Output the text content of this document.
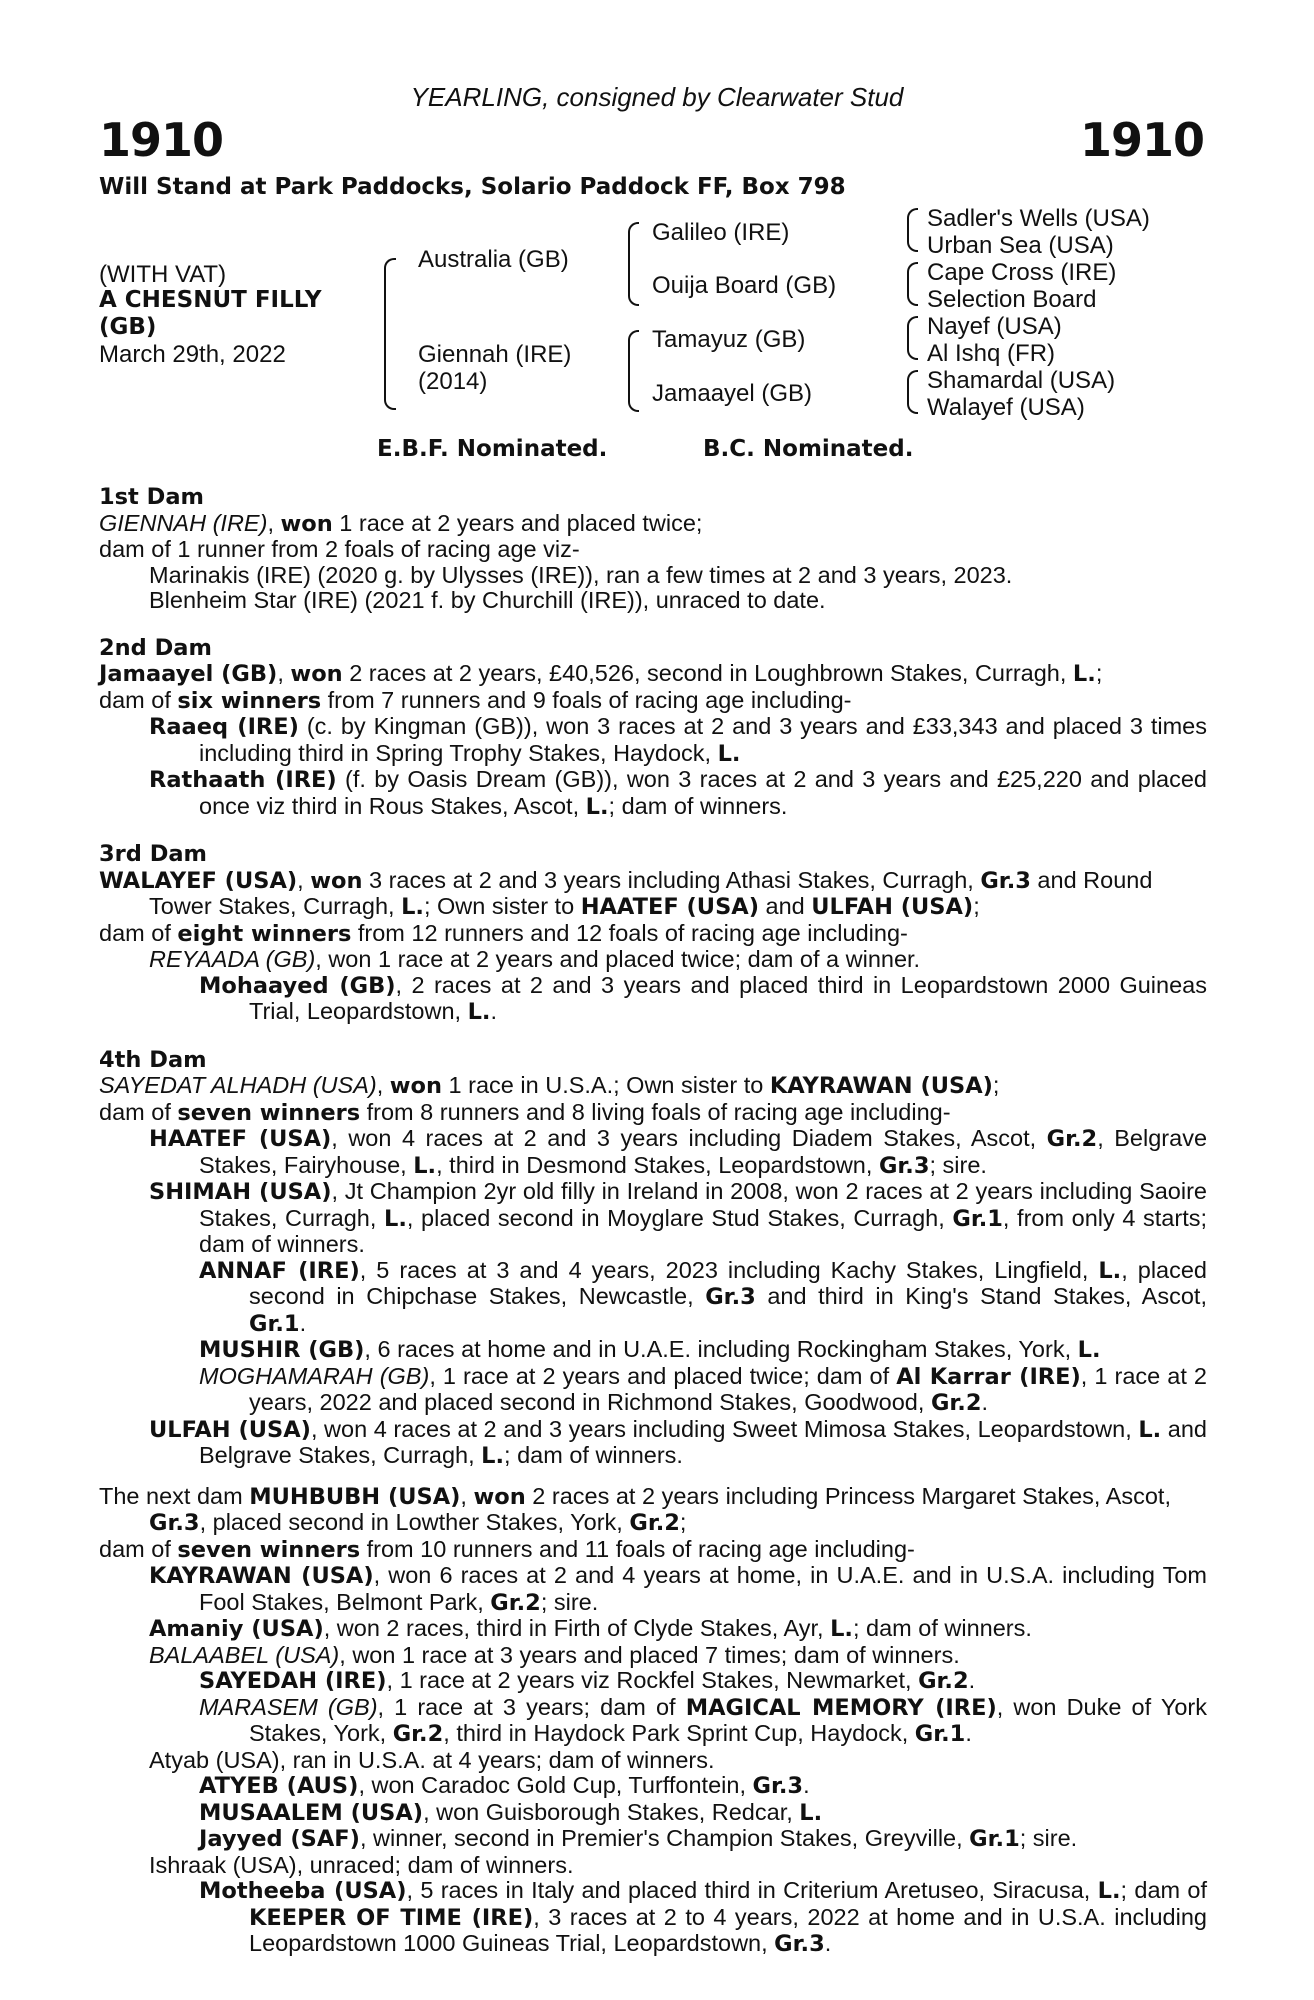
YEARLING, consigned by Clearwater Stud
1910	1910
Will Stand at Park Paddocks, Solario Paddock FF, Box 798
(WITH VAT)
A CHESNUT FILLY
(GB)
March 29th, 2022
Australia (GB)
Giennah (IRE)
(2014)
Galileo (IRE)
Ouija Board (GB)
Tamayuz (GB)
Jamaayel (GB)
Sadler's Wells (USA)
Urban Sea (USA)
Cape Cross (IRE)
Selection Board
Nayef (USA)
Al Ishq (FR)
Shamardal (USA)
Walayef (USA)
E.B.F. Nominated.	B.C. Nominated.

1st Dam

GIENNAH (IRE), won 1 race at 2 years and placed twice;

dam of 1 runner from 2 foals of racing age viz-

Marinakis (IRE) (2020 g. by Ulysses (IRE)), ran a few times at 2 and 3 years, 2023.

Blenheim Star (IRE) (2021 f. by Churchill (IRE)), unraced to date.

2nd Dam

Jamaayel (GB), won 2 races at 2 years, £40,526, second in Loughbrown Stakes, Curragh, L.;

dam of six winners from 7 runners and 9 foals of racing age including-

Raaeq (IRE) (c. by Kingman (GB)), won 3 races at 2 and 3 years and £33,343 and placed 3 times including third in Spring Trophy Stakes, Haydock, L.

Rathaath (IRE) (f. by Oasis Dream (GB)), won 3 races at 2 and 3 years and £25,220 and placed once viz third in Rous Stakes, Ascot, L.; dam of winners.

3rd Dam

WALAYEF (USA), won 3 races at 2 and 3 years including Athasi Stakes, Curragh, Gr.3 and Round Tower Stakes, Curragh, L.; Own sister to HAATEF (USA) and ULFAH (USA);

dam of eight winners from 12 runners and 12 foals of racing age including-

REYAADA (GB), won 1 race at 2 years and placed twice; dam of a winner.

Mohaayed (GB), 2 races at 2 and 3 years and placed third in Leopardstown 2000 Guineas Trial, Leopardstown, L..

4th Dam

SAYEDAT ALHADH (USA), won 1 race in U.S.A.; Own sister to KAYRAWAN (USA);

dam of seven winners from 8 runners and 8 living foals of racing age including-

HAATEF (USA), won 4 races at 2 and 3 years including Diadem Stakes, Ascot, Gr.2, Belgrave Stakes, Fairyhouse, L., third in Desmond Stakes, Leopardstown, Gr.3; sire.

SHIMAH (USA), Jt Champion 2yr old filly in Ireland in 2008, won 2 races at 2 years including Saoire Stakes, Curragh, L., placed second in Moyglare Stud Stakes, Curragh, Gr.1, from only 4 starts; dam of winners.

ANNAF (IRE), 5 races at 3 and 4 years, 2023 including Kachy Stakes, Lingfield, L., placed second in Chipchase Stakes, Newcastle, Gr.3 and third in King's Stand Stakes, Ascot, Gr.1.

MUSHIR (GB), 6 races at home and in U.A.E. including Rockingham Stakes, York, L.

MOGHAMARAH (GB), 1 race at 2 years and placed twice; dam of Al Karrar (IRE), 1 race at 2 years, 2022 and placed second in Richmond Stakes, Goodwood, Gr.2.

ULFAH (USA), won 4 races at 2 and 3 years including Sweet Mimosa Stakes, Leopardstown, L. and Belgrave Stakes, Curragh, L.; dam of winners.

The next dam MUHBUBH (USA), won 2 races at 2 years including Princess Margaret Stakes, Ascot, Gr.3, placed second in Lowther Stakes, York, Gr.2;

dam of seven winners from 10 runners and 11 foals of racing age including-

KAYRAWAN (USA), won 6 races at 2 and 4 years at home, in U.A.E. and in U.S.A. including Tom Fool Stakes, Belmont Park, Gr.2; sire.

Amaniy (USA), won 2 races, third in Firth of Clyde Stakes, Ayr, L.; dam of winners.

BALAABEL (USA), won 1 race at 3 years and placed 7 times; dam of winners.

SAYEDAH (IRE), 1 race at 2 years viz Rockfel Stakes, Newmarket, Gr.2.

MARASEM (GB), 1 race at 3 years; dam of MAGICAL MEMORY (IRE), won Duke of York Stakes, York, Gr.2, third in Haydock Park Sprint Cup, Haydock, Gr.1.

Atyab (USA), ran in U.S.A. at 4 years; dam of winners.

ATYEB (AUS), won Caradoc Gold Cup, Turffontein, Gr.3.

MUSAALEM (USA), won Guisborough Stakes, Redcar, L.

Jayyed (SAF), winner, second in Premier's Champion Stakes, Greyville, Gr.1; sire.

Ishraak (USA), unraced; dam of winners.

Motheeba (USA), 5 races in Italy and placed third in Criterium Aretuseo, Siracusa, L.; dam of KEEPER OF TIME (IRE), 3 races at 2 to 4 years, 2022 at home and in U.S.A. including Leopardstown 1000 Guineas Trial, Leopardstown, Gr.3.
